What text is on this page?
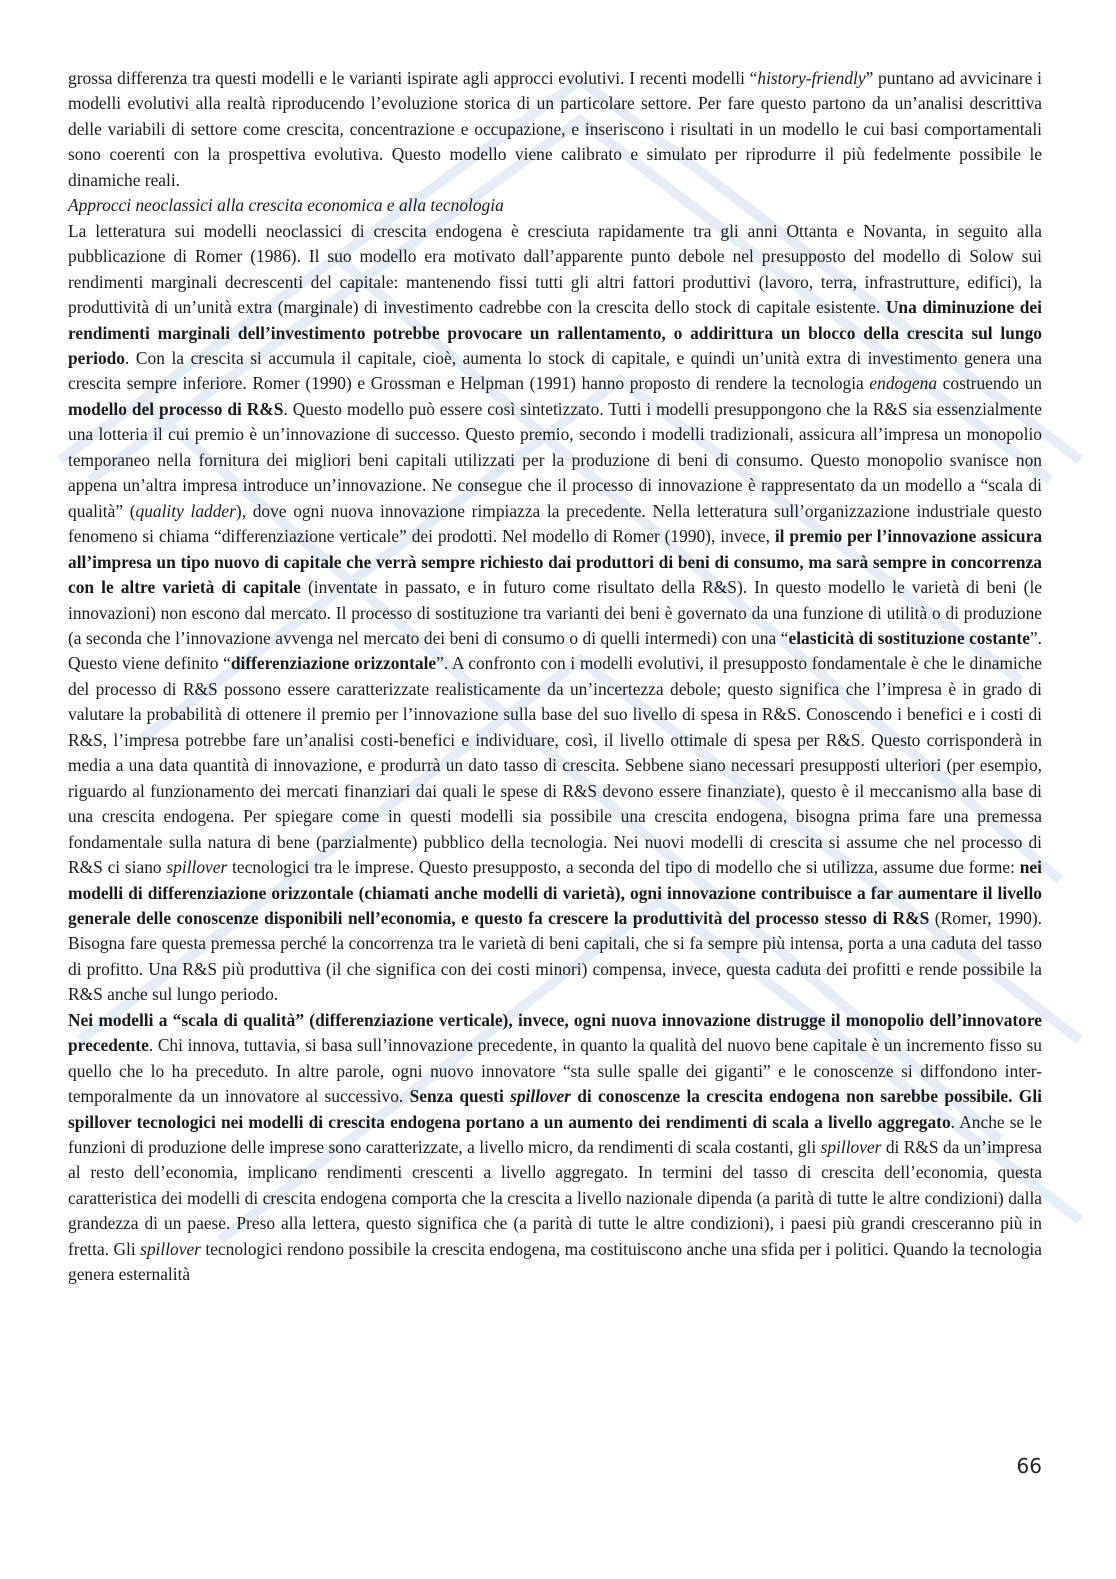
grossa differenza tra questi modelli e le varianti ispirate agli approcci evolutivi. I recenti modelli “history-friendly” puntano ad avvicinare i modelli evolutivi alla realtà riproducendo l’evoluzione storica di un particolare settore. Per fare questo partono da un’analisi descrittiva delle variabili di settore come crescita, concentrazione e occupazione, e inseriscono i risultati in un modello le cui basi comportamentali sono coerenti con la prospettiva evolutiva. Questo modello viene calibrato e simulato per riprodurre il più fedelmente possibile le dinamiche reali.

Approcci neoclassici alla crescita economica e alla tecnologia

La letteratura sui modelli neoclassici di crescita endogena è cresciuta rapidamente tra gli anni Ottanta e Novanta, in seguito alla pubblicazione di Romer (1986). Il suo modello era motivato dall’apparente punto debole nel presupposto del modello di Solow sui rendimenti marginali decrescenti del capitale: mantenendo fissi tutti gli altri fattori produttivi (lavoro, terra, infrastrutture, edifici), la produttività di un’unità extra (marginale) di investimento cadrebbe con la crescita dello stock di capitale esistente. Una diminuzione dei rendimenti marginali dell’investimento potrebbe provocare un rallentamento, o addirittura un blocco della crescita sul lungo periodo. Con la crescita si accumula il capitale, cioè, aumenta lo stock di capitale, e quindi un’unità extra di investimento genera una crescita sempre inferiore. Romer (1990) e Grossman e Helpman (1991) hanno proposto di rendere la tecnologia endogena costruendo un modello del processo di R&S. Questo modello può essere così sintetizzato. Tutti i modelli presuppongono che la R&S sia essenzialmente una lotteria il cui premio è un’innovazione di successo. Questo premio, secondo i modelli tradizionali, assicura all’impresa un monopolio temporaneo nella fornitura dei migliori beni capitali utilizzati per la produzione di beni di consumo. Questo monopolio svanisce non appena un’altra impresa introduce un’innovazione. Ne consegue che il processo di innovazione è rappresentato da un modello a “scala di qualità” (quality ladder), dove ogni nuova innovazione rimpiazza la precedente. Nella letteratura sull’organizzazione industriale questo fenomeno si chiama “differenziazione verticale” dei prodotti. Nel modello di Romer (1990), invece, il premio per l’innovazione assicura all’impresa un tipo nuovo di capitale che verrà sempre richiesto dai produttori di beni di consumo, ma sarà sempre in concorrenza con le altre varietà di capitale (inventate in passato, e in futuro come risultato della R&S). In questo modello le varietà di beni (le innovazioni) non escono dal mercato. Il processo di sostituzione tra varianti dei beni è governato da una funzione di utilità o di produzione (a seconda che l’innovazione avvenga nel mercato dei beni di consumo o di quelli intermedi) con una “elasticità di sostituzione costante”. Questo viene definito “differenziazione orizzontale”. A confronto con i modelli evolutivi, il presupposto fondamentale è che le dinamiche del processo di R&S possono essere caratterizzate realisticamente da un’incertezza debole; questo significa che l’impresa è in grado di valutare la probabilità di ottenere il premio per l’innovazione sulla base del suo livello di spesa in R&S. Conoscendo i benefici e i costi di R&S, l’impresa potrebbe fare un’analisi costi-benefici e individuare, così, il livello ottimale di spesa per R&S. Questo corrisponderà in media a una data quantità di innovazione, e produrrà un dato tasso di crescita. Sebbene siano necessari presupposti ulteriori (per esempio, riguardo al funzionamento dei mercati finanziari dai quali le spese di R&S devono essere finanziate), questo è il meccanismo alla base di una crescita endogena. Per spiegare come in questi modelli sia possibile una crescita endogena, bisogna prima fare una premessa fondamentale sulla natura di bene (parzialmente) pubblico della tecnologia. Nei nuovi modelli di crescita si assume che nel processo di R&S ci siano spillover tecnologici tra le imprese. Questo presupposto, a seconda del tipo di modello che si utilizza, assume due forme: nei modelli di differenziazione orizzontale (chiamati anche modelli di varietà), ogni innovazione contribuisce a far aumentare il livello generale delle conoscenze disponibili nell’economia, e questo fa crescere la produttività del processo stesso di R&S (Romer, 1990). Bisogna fare questa premessa perché la concorrenza tra le varietà di beni capitali, che si fa sempre più intensa, porta a una caduta del tasso di profitto. Una R&S più produttiva (il che significa con dei costi minori) compensa, invece, questa caduta dei profitti e rende possibile la R&S anche sul lungo periodo.

Nei modelli a “scala di qualità” (differenziazione verticale), invece, ogni nuova innovazione distrugge il monopolio dell’innovatore precedente. Chi innova, tuttavia, si basa sull’innovazione precedente, in quanto la qualità del nuovo bene capitale è un incremento fisso su quello che lo ha preceduto. In altre parole, ogni nuovo innovatore “sta sulle spalle dei giganti” e le conoscenze si diffondono inter-temporalmente da un innovatore al successivo. Senza questi spillover di conoscenze la crescita endogena non sarebbe possibile. Gli spillover tecnologici nei modelli di crescita endogena portano a un aumento dei rendimenti di scala a livello aggregato. Anche se le funzioni di produzione delle imprese sono caratterizzate, a livello micro, da rendimenti di scala costanti, gli spillover di R&S da un’impresa al resto dell’economia, implicano rendimenti crescenti a livello aggregato. In termini del tasso di crescita dell’economia, questa caratteristica dei modelli di crescita endogena comporta che la crescita a livello nazionale dipenda (a parità di tutte le altre condizioni) dalla grandezza di un paese. Preso alla lettera, questo significa che (a parità di tutte le altre condizioni), i paesi più grandi cresceranno più in fretta. Gli spillover tecnologici rendono possibile la crescita endogena, ma costituiscono anche una sfida per i politici. Quando la tecnologia genera esternalità

66
